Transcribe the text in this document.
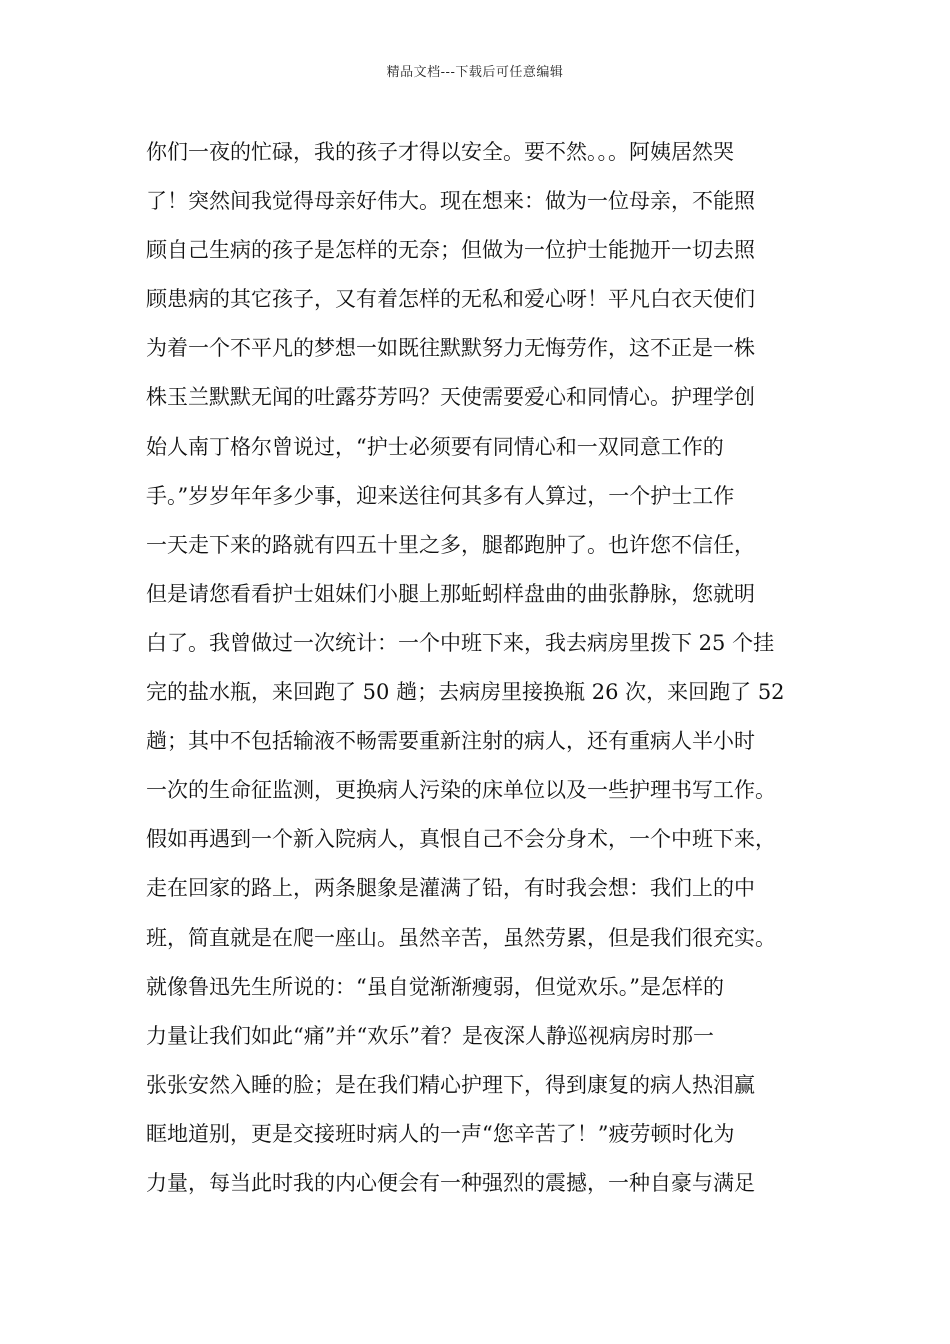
精品文档---下载后可任意编辑
你们一夜的忙碌，我的孩子才得以安全。要不然。。。阿姨居然哭
了！突然间我觉得母亲好伟大。现在想来：做为一位母亲，不能照
顾自己生病的孩子是怎样的无奈；但做为一位护士能抛开一切去照
顾患病的其它孩子，又有着怎样的无私和爱心呀！平凡白衣天使们
为着一个不平凡的梦想一如既往默默努力无悔劳作，这不正是一株
株玉兰默默无闻的吐露芬芳吗？天使需要爱心和同情心。护理学创
始人南丁格尔曾说过，“护士必须要有同情心和一双同意工作的
手。”岁岁年年多少事，迎来送往何其多有人算过，一个护士工作
一天走下来的路就有四五十里之多，腿都跑肿了。也许您不信任，
但是请您看看护士姐妹们小腿上那蚯蚓样盘曲的曲张静脉，您就明
白了。我曾做过一次统计：一个中班下来，我去病房里拨下 25 个挂
完的盐水瓶，来回跑了 50 趟；去病房里接换瓶 26 次，来回跑了 52
趟；其中不包括输液不畅需要重新注射的病人，还有重病人半小时
一次的生命征监测，更换病人污染的床单位以及一些护理书写工作。
假如再遇到一个新入院病人，真恨自己不会分身术，一个中班下来，
走在回家的路上，两条腿象是灌满了铅，有时我会想：我们上的中
班，简直就是在爬一座山。虽然辛苦，虽然劳累，但是我们很充实。
就像鲁迅先生所说的：“虽自觉渐渐瘦弱，但觉欢乐。”是怎样的
力量让我们如此“痛”并“欢乐”着？是夜深人静巡视病房时那一
张张安然入睡的脸；是在我们精心护理下，得到康复的病人热泪赢
眶地道别，更是交接班时病人的一声“您辛苦了！”疲劳顿时化为
力量，每当此时我的内心便会有一种强烈的震撼，一种自豪与满足
